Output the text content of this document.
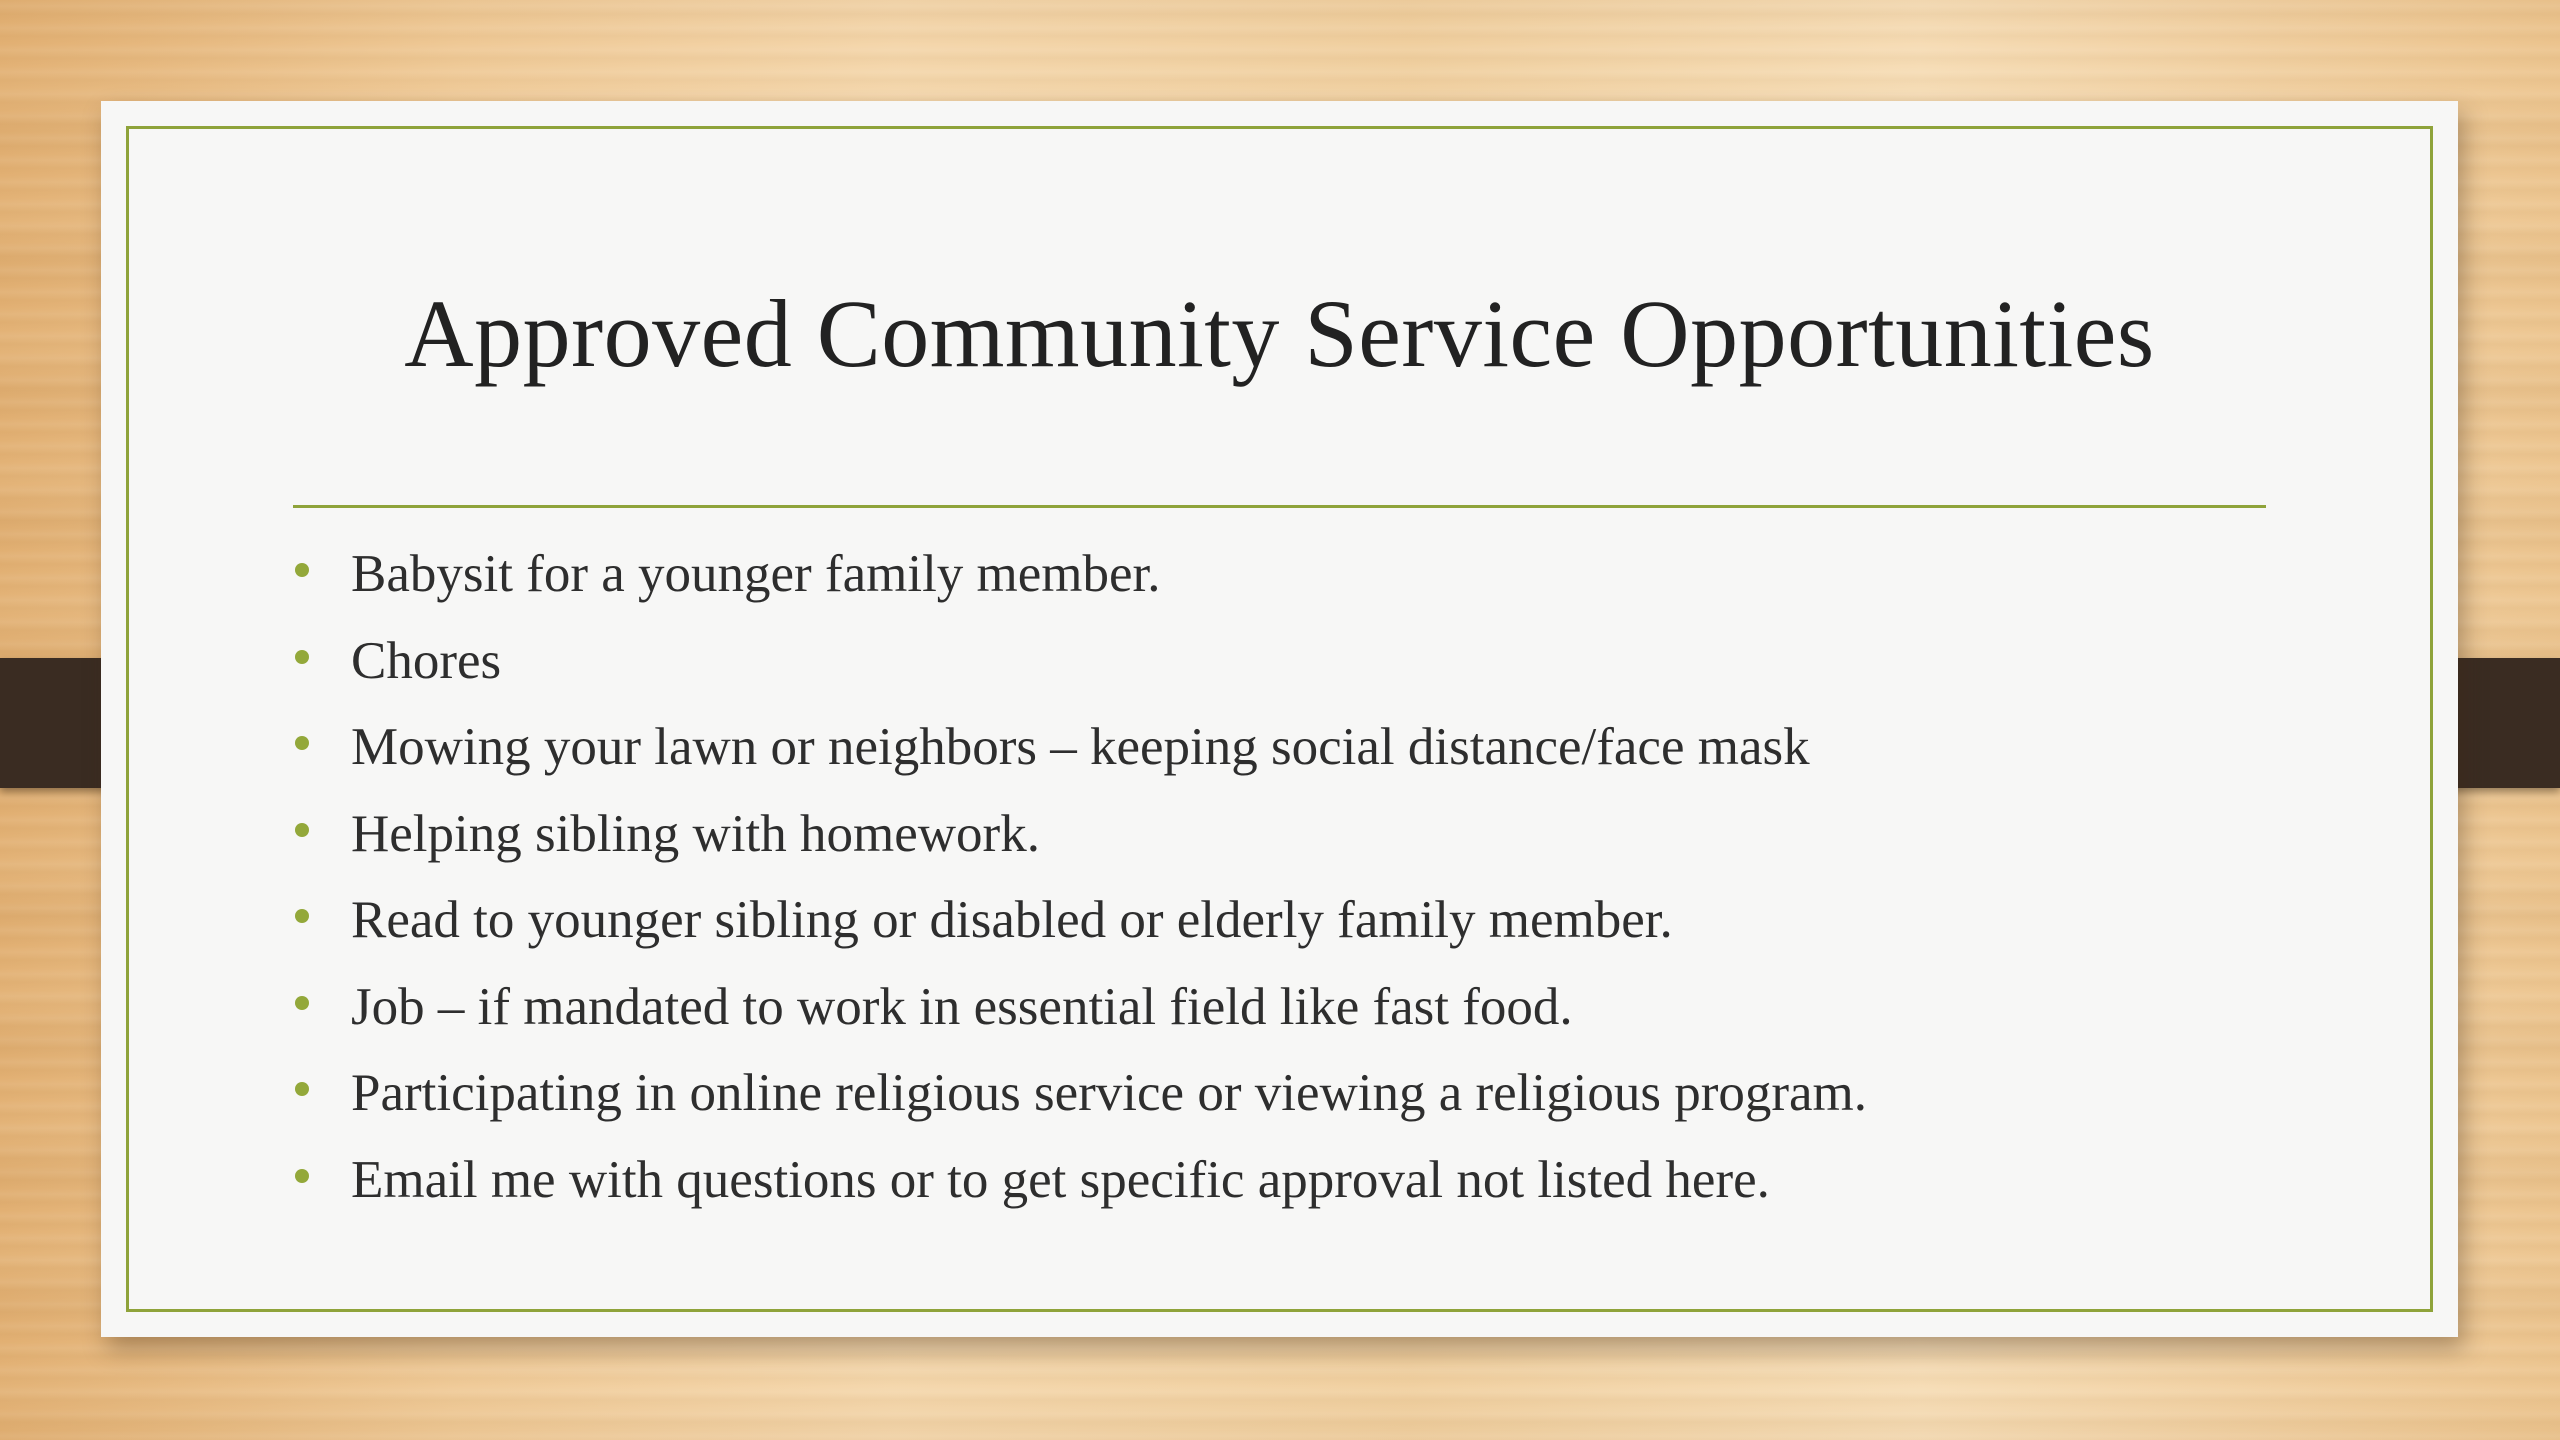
Approved Community Service Opportunities
Babysit for a younger family member.
Chores
Mowing your lawn or neighbors – keeping social distance/face mask
Helping sibling with homework.
Read to younger sibling or disabled or elderly family member.
Job – if mandated to work in essential field like fast food.
Participating in online religious service or viewing a religious program.
Email me with questions or to get specific approval not listed here.
